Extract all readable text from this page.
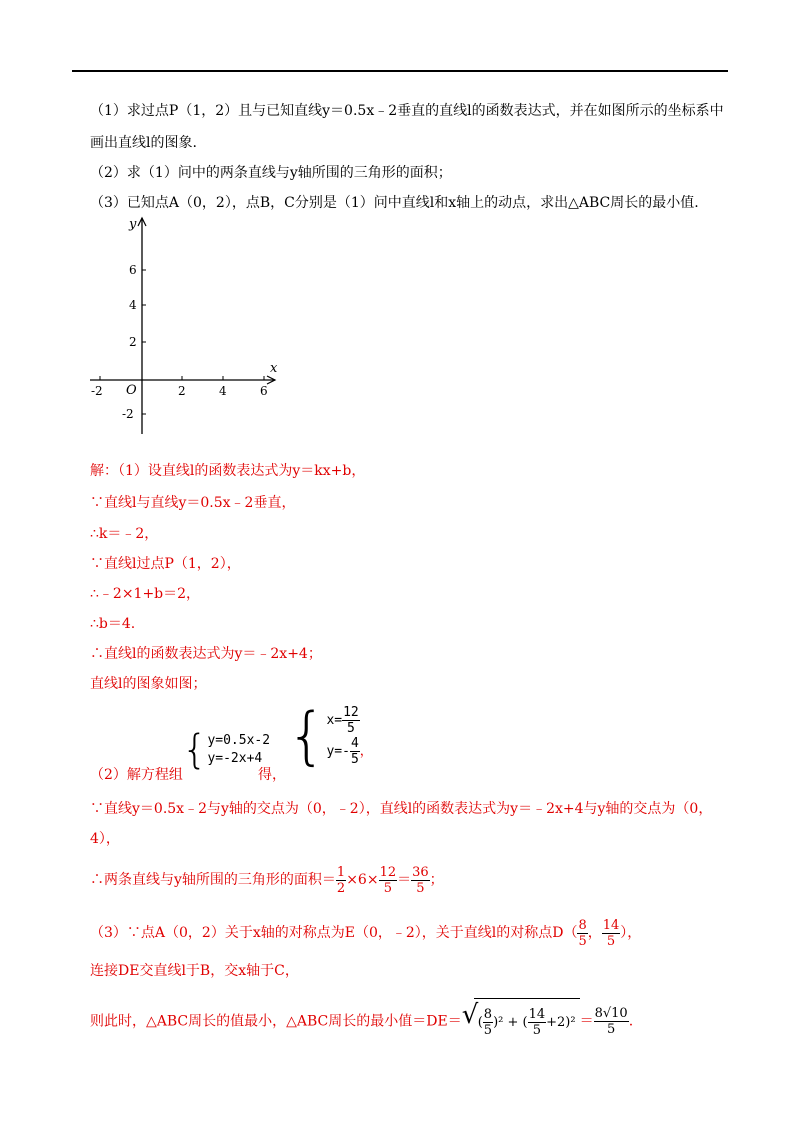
（1）求过点P（1，2）且与已知直线y＝0.5x﹣2垂直的直线l的函数表达式，并在如图所示的坐标系中
画出直线l的图象.
（2）求（1）问中的两条直线与y轴所围的三角形的面积；
（3）已知点A（0，2），点B，C分别是（1）问中直线l和x轴上的动点，求出△ABC周长的最小值.
y
x
O
-2	2	4	6
6
4
2
-2
解：（1）设直线l的函数表达式为y＝kx+b，
∵直线l与直线y＝0.5x﹣2垂直，
∴k＝﹣2，
∵直线l过点P（1，2），
∴﹣2×1+b＝2，
∴b＝4.
∴直线l的函数表达式为y＝﹣2x+4；
直线l的图象如图；
（2）解方程组
{y=0.5x-2
y=-2x+4
得，
{$x= \frac{12}{5}$

$y=- \frac{4}{5}$ ，
∵直线y＝0.5x﹣2与y轴的交点为（0，﹣2），直线l的函数表达式为y＝﹣2x+4与y轴的交点为（0，
4），
∴两条直线与y轴所围的三角形的面积＝ $\frac{1}{2} \times 6\times \frac{12}{5} = \frac{36}{5}$ ；
（3）∵点A（0，2）关于x轴的对称点为E（0，﹣2），关于直线l的对称点$D( \frac{8}{5}$ ， $\frac{14}{5}$ ），
连接DE交直线l于B，交x轴于C，
则此时，△ABC周长的值最小，△ABC周长的最小值＝DE＝ √ ( $\frac{8}{5} )^2$ + ( $\frac{14}{5} +2)^2 = \frac{8√10}{5}$ .
